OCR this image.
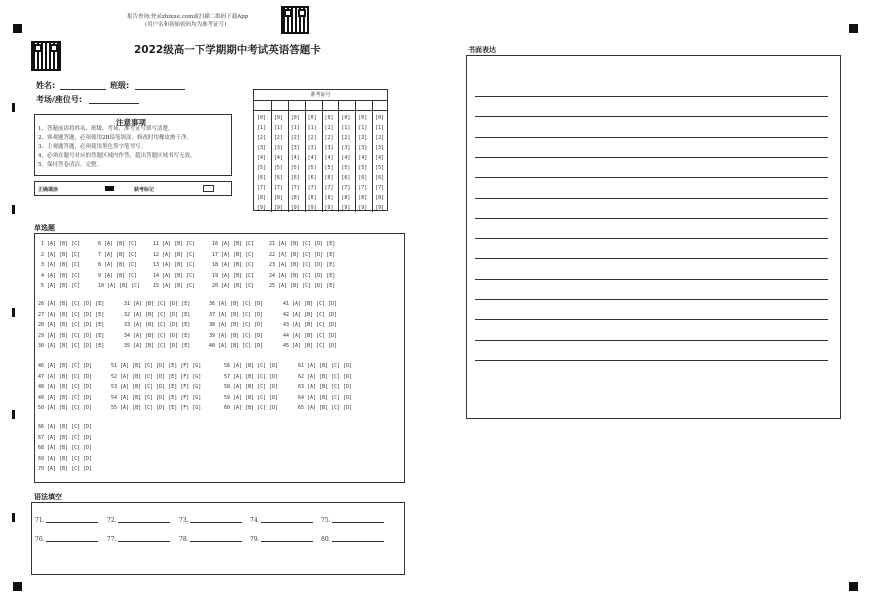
报告查询:登录zhixue.com或扫描二维码下载App
(用户名和初始密码均为准考证号)
2022级高一下学期期中考试英语答题卡
姓名:	班级:
考场/座位号:
注意事项
1、答题前请将姓名、班级、考场、准考证号填写清楚。
2、客观题答题，必须使用2B铅笔填涂，修改时用橡皮擦干净。
3、主观题答题，必须使用黑色签字笔书写。
4、必须在题号对应的答题区域内作答，超出答题区域书写无效。
5、保持答卷清洁、完整。
正确填涂	缺考标记
准考证号
[0] [0] [0] [0] [0] [0] [0] [0]
[1] [1] [1] [1] [1] [1] [1] [1]
[2] [2] [2] [2] [2] [2] [2] [2]
[3] [3] [3] [3] [3] [3] [3] [3]
[4] [4] [4] [4] [4] [4] [4] [4]
[5] [5] [5] [5] [5] [5] [5] [5]
[6] [6] [6] [6] [6] [6] [6] [6]
[7] [7] [7] [7] [7] [7] [7] [7]
[8] [8] [8] [8] [8] [8] [8] [8]
[9] [9] [9] [9] [9] [9] [9] [9]
单选题
1 [A] [B] [C]
2 [A] [B] [C]
3 [A] [B] [C]
4 [A] [B] [C]
5 [A] [B] [C]
6 [A] [B] [C]
7 [A] [B] [C]
8 [A] [B] [C]
9 [A] [B] [C]
10 [A] [B] [C]
11 [A] [B] [C]
12 [A] [B] [C]
13 [A] [B] [C]
14 [A] [B] [C]
15 [A] [B] [C]
16 [A] [B] [C]
17 [A] [B] [C]
18 [A] [B] [C]
19 [A] [B] [C]
20 [A] [B] [C]
21 [A] [B] [C] [D] [E]
22 [A] [B] [C] [D] [E]
23 [A] [B] [C] [D] [E]
24 [A] [B] [C] [D] [E]
25 [A] [B] [C] [D] [E]
26 [A] [B] [C] [D] [E]
27 [A] [B] [C] [D] [E]
28 [A] [B] [C] [D] [E]
29 [A] [B] [C] [D] [E]
30 [A] [B] [C] [D] [E]
31 [A] [B] [C] [D] [E]
32 [A] [B] [C] [D] [E]
33 [A] [B] [C] [D] [E]
34 [A] [B] [C] [D] [E]
35 [A] [B] [C] [D] [E]
36 [A] [B] [C] [D]
37 [A] [B] [C] [D]
38 [A] [B] [C] [D]
39 [A] [B] [C] [D]
40 [A] [B] [C] [D]
41 [A] [B] [C] [D]
42 [A] [B] [C] [D]
43 [A] [B] [C] [D]
44 [A] [B] [C] [D]
45 [A] [B] [C] [D]
46 [A] [B] [C] [D]
47 [A] [B] [C] [D]
48 [A] [B] [C] [D]
49 [A] [B] [C] [D]
50 [A] [B] [C] [D]
51 [A] [B] [C] [D] [E] [F] [G]
52 [A] [B] [C] [D] [E] [F] [G]
53 [A] [B] [C] [D] [E] [F] [G]
54 [A] [B] [C] [D] [E] [F] [G]
55 [A] [B] [C] [D] [E] [F] [G]
56 [A] [B] [C] [D]
57 [A] [B] [C] [D]
58 [A] [B] [C] [D]
59 [A] [B] [C] [D]
60 [A] [B] [C] [D]
61 [A] [B] [C] [D]
62 [A] [B] [C] [D]
63 [A] [B] [C] [D]
64 [A] [B] [C] [D]
65 [A] [B] [C] [D]
66 [A] [B] [C] [D]
67 [A] [B] [C] [D]
68 [A] [B] [C] [D]
69 [A] [B] [C] [D]
70 [A] [B] [C] [D]
语法填空
71.	72.	73.	74.	75.
76.	77.	78.	79.	80.
书面表达
